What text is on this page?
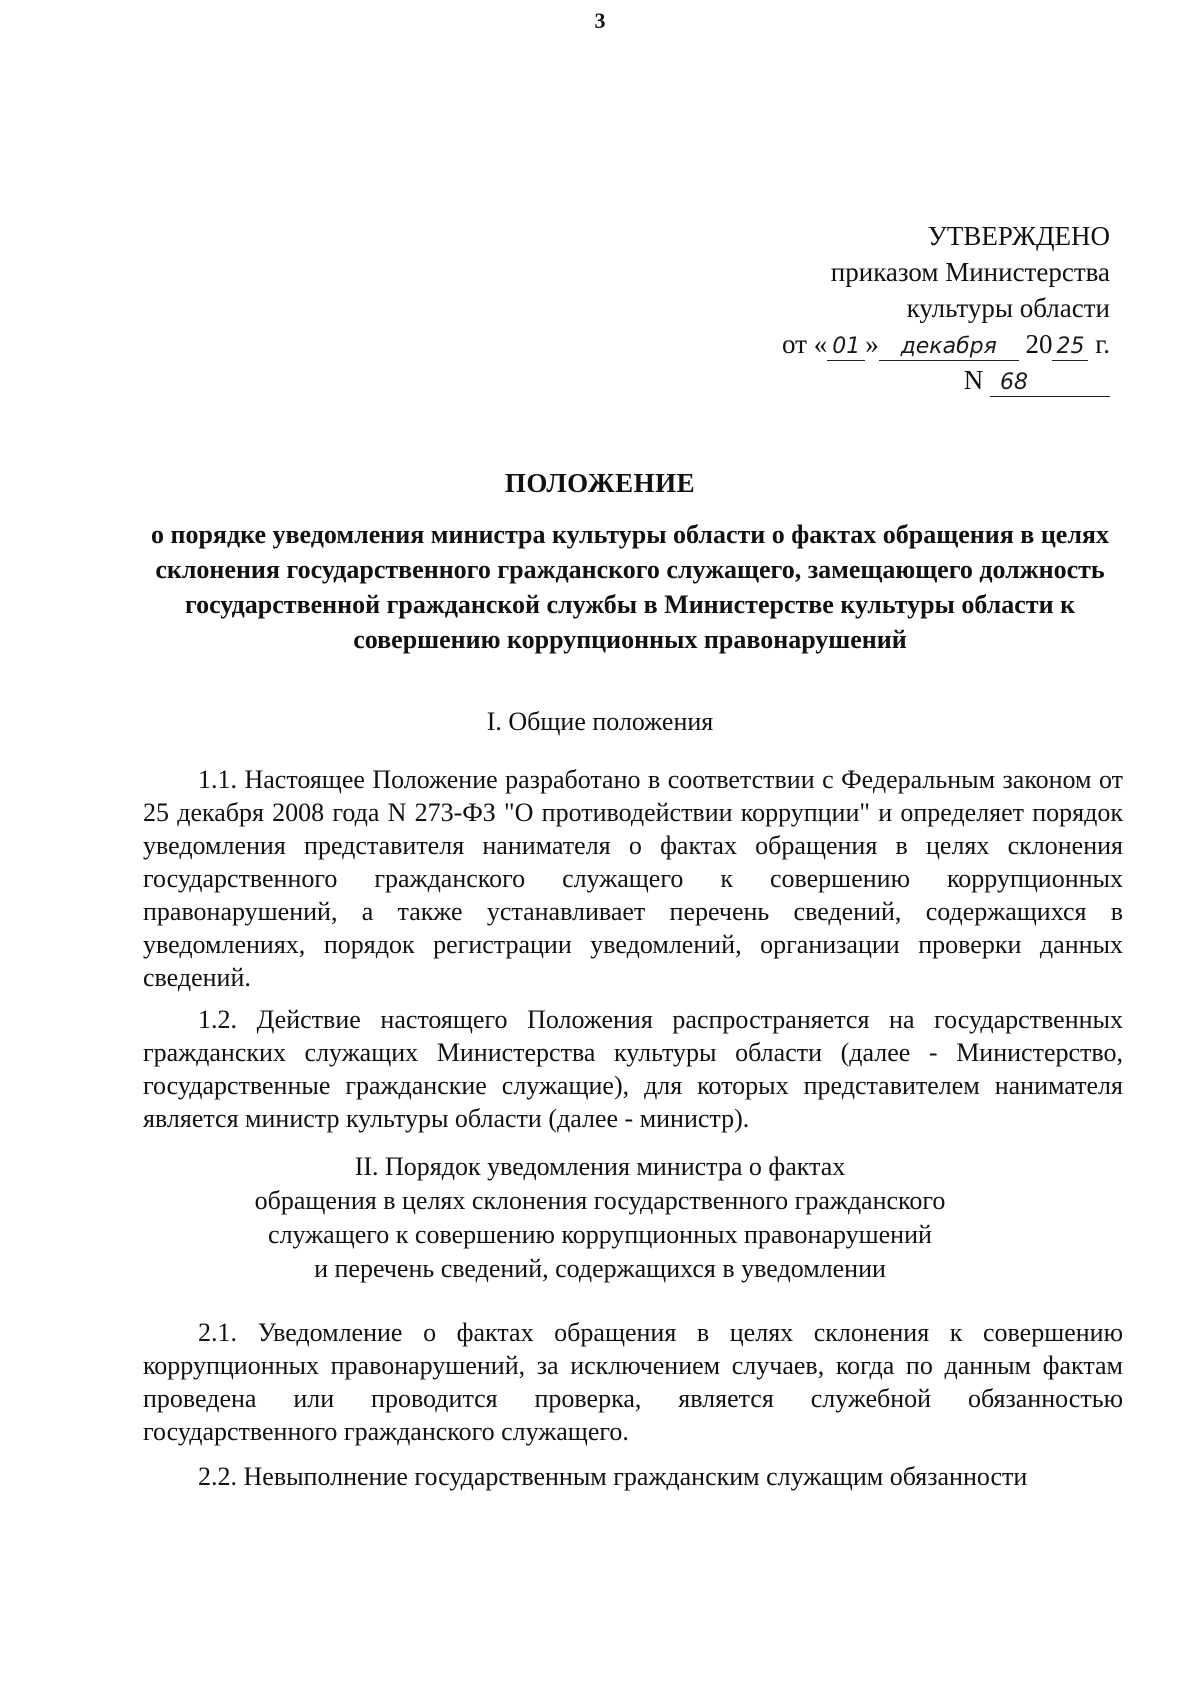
3
УТВЕРЖДЕНО
приказом Министерства
культуры области
от « 01 » декабря 20 25 г.
N 68
ПОЛОЖЕНИЕ
о порядке уведомления министра культуры области о фактах обращения в целях склонения государственного гражданского служащего, замещающего должность государственной гражданской службы в Министерстве культуры области к совершению коррупционных правонарушений
I. Общие положения

1.1. Настоящее Положение разработано в соответствии с Федеральным законом от 25 декабря 2008 года N 273-ФЗ "О противодействии коррупции" и определяет порядок уведомления представителя нанимателя о фактах обращения в целях склонения государственного гражданского служащего к совершению коррупционных правонарушений, а также устанавливает перечень сведений, содержащихся в уведомлениях, порядок регистрации уведомлений, организации проверки данных сведений.

1.2. Действие настоящего Положения распространяется на государственных гражданских служащих Министерства культуры области (далее - Министерство, государственные гражданские служащие), для которых представителем нанимателя является министр культуры области (далее - министр).

II. Порядок уведомления министра о фактах
обращения в целях склонения государственного гражданского
служащего к совершению коррупционных правонарушений
и перечень сведений, содержащихся в уведомлении

2.1. Уведомление о фактах обращения в целях склонения к совершению коррупционных правонарушений, за исключением случаев, когда по данным фактам проведена или проводится проверка, является служебной обязанностью государственного гражданского служащего.

2.2. Невыполнение государственным гражданским служащим обязанности
